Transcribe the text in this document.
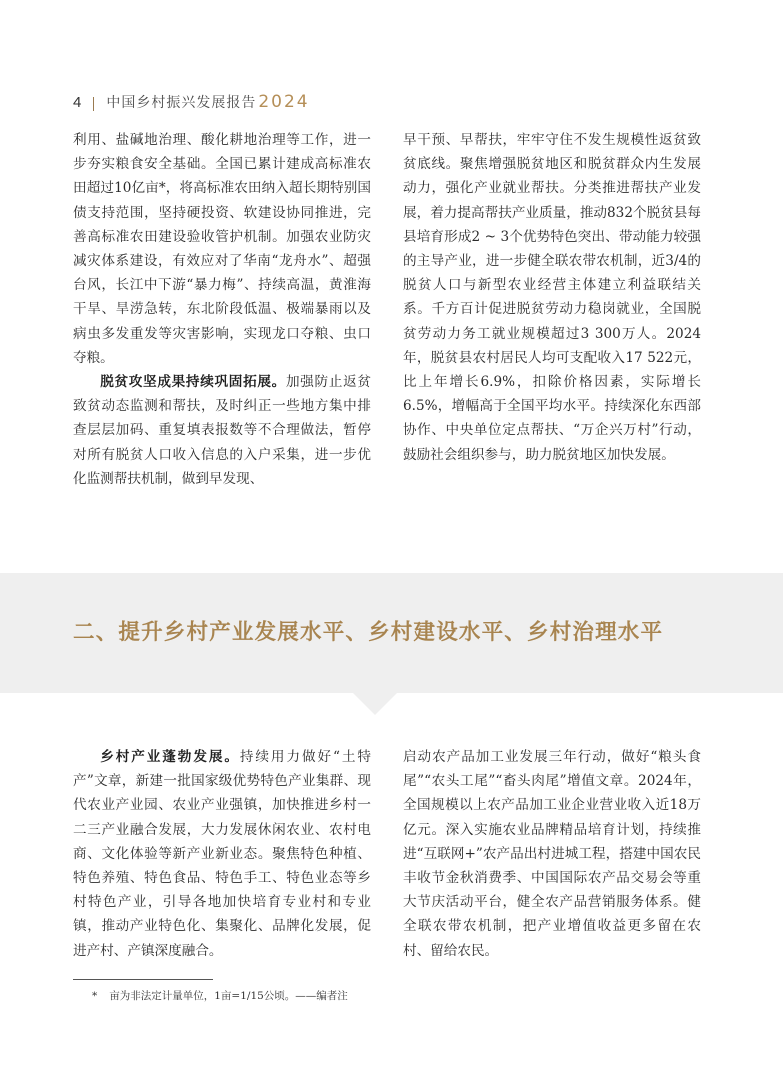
4 中国乡村振兴发展报告 2024

利用、盐碱地治理、酸化耕地治理等工作，进一步夯实粮食安全基础。全国已累计建成高标准农田超过10亿亩*，将高标准农田纳入超长期特别国债支持范围，坚持硬投资、软建设协同推进，完善高标准农田建设验收管护机制。加强农业防灾减灾体系建设，有效应对了华南“龙舟水”、超强台风，长江中下游“暴力梅”、持续高温，黄淮海干旱、旱涝急转，东北阶段低温、极端暴雨以及病虫多发重发等灾害影响，实现龙口夺粮、虫口夺粮。

脱贫攻坚成果持续巩固拓展。加强防止返贫致贫动态监测和帮扶，及时纠正一些地方集中排查层层加码、重复填表报数等不合理做法，暂停对所有脱贫人口收入信息的入户采集，进一步优化监测帮扶机制，做到早发现、

早干预、早帮扶，牢牢守住不发生规模性返贫致贫底线。聚焦增强脱贫地区和脱贫群众内生发展动力，强化产业就业帮扶。分类推进帮扶产业发展，着力提高帮扶产业质量，推动832个脱贫县每县培育形成2 ~ 3个优势特色突出、带动能力较强的主导产业，进一步健全联农带农机制，近3/4的脱贫人口与新型农业经营主体建立利益联结关系。千方百计促进脱贫劳动力稳岗就业，全国脱贫劳动力务工就业规模超过3 300万人。2024年，脱贫县农村居民人均可支配收入17 522元，比上年增长6.9%，扣除价格因素，实际增长6.5%，增幅高于全国平均水平。持续深化东西部协作、中央单位定点帮扶、“万企兴万村”行动，鼓励社会组织参与，助力脱贫地区加快发展。

二、提升乡村产业发展水平、乡村建设水平、乡村治理水平

乡村产业蓬勃发展。持续用力做好“土特产”文章，新建一批国家级优势特色产业集群、现代农业产业园、农业产业强镇，加快推进乡村一二三产业融合发展，大力发展休闲农业、农村电商、文化体验等新产业新业态。聚焦特色种植、特色养殖、特色食品、特色手工、特色业态等乡村特色产业，引导各地加快培育专业村和专业镇，推动产业特色化、集聚化、品牌化发展，促进产村、产镇深度融合。

启动农产品加工业发展三年行动，做好“粮头食尾”“农头工尾”“畜头肉尾”增值文章。2024年，全国规模以上农产品加工业企业营业收入近18万亿元。深入实施农业品牌精品培育计划，持续推进“互联网+”农产品出村进城工程，搭建中国农民丰收节金秋消费季、中国国际农产品交易会等重大节庆活动平台，健全农产品营销服务体系。健全联农带农机制，把产业增值收益更多留在农村、留给农民。

* 亩为非法定计量单位，1亩=1/15公顷。——编者注
